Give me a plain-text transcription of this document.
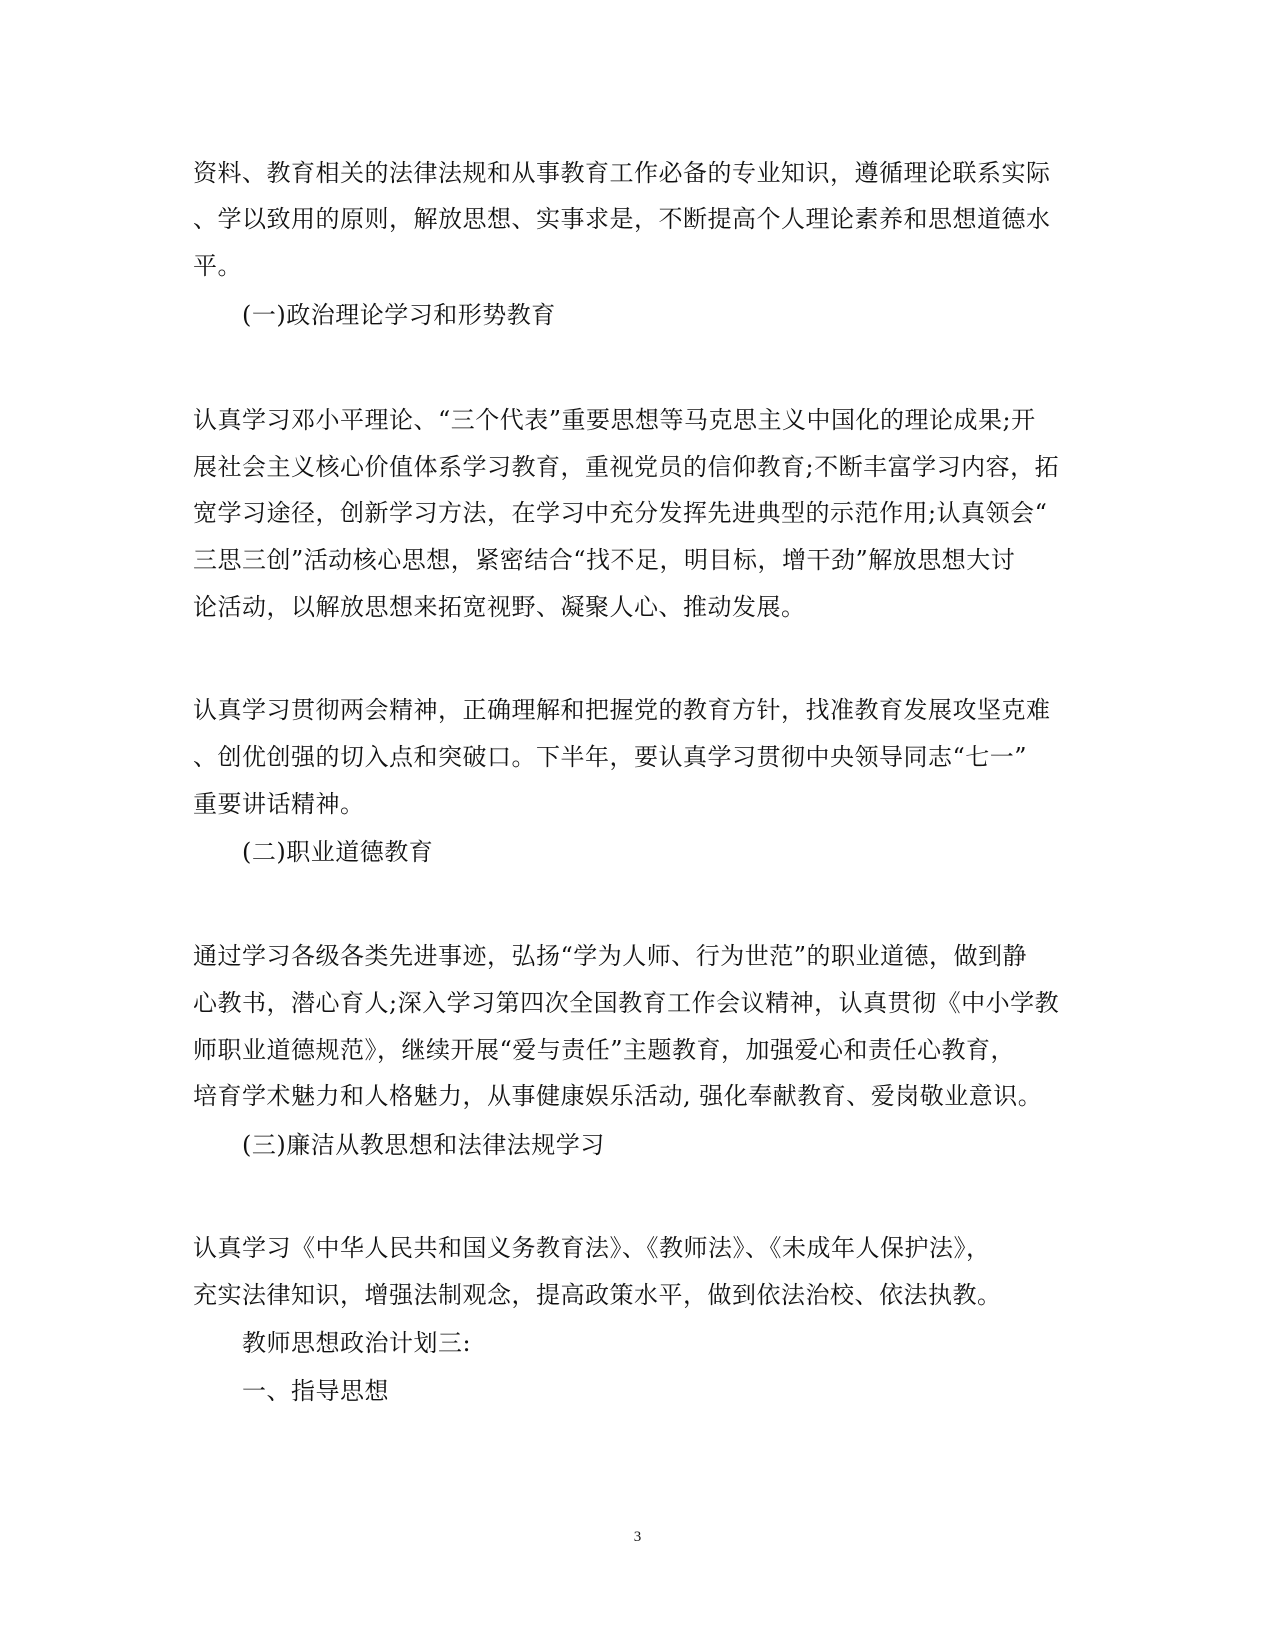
资料、教育相关的法律法规和从事教育工作必备的专业知识，遵循理论联系实际
、学以致用的原则，解放思想、实事求是，不断提高个人理论素养和思想道德水
平。
(一)政治理论学习和形势教育
认真学习邓小平理论、“三个代表”重要思想等马克思主义中国化的理论成果;开
展社会主义核心价值体系学习教育，重视党员的信仰教育;不断丰富学习内容，拓
宽学习途径，创新学习方法，在学习中充分发挥先进典型的示范作用;认真领会“
三思三创”活动核心思想，紧密结合“找不足，明目标，增干劲”解放思想大讨
论活动，以解放思想来拓宽视野、凝聚人心、推动发展。
认真学习贯彻两会精神，正确理解和把握党的教育方针，找准教育发展攻坚克难
、创优创强的切入点和突破口。下半年，要认真学习贯彻中央领导同志“七一”
重要讲话精神。
(二)职业道德教育
通过学习各级各类先进事迹，弘扬“学为人师、行为世范”的职业道德，做到静
心教书，潜心育人;深入学习第四次全国教育工作会议精神，认真贯彻《中小学教
师职业道德规范》，继续开展“爱与责任”主题教育，加强爱心和责任心教育，
培育学术魅力和人格魅力，从事健康娱乐活动, 强化奉献教育、爱岗敬业意识。
(三)廉洁从教思想和法律法规学习
认真学习《中华人民共和国义务教育法》、《教师法》、《未成年人保护法》，
充实法律知识，增强法制观念，提高政策水平，做到依法治校、依法执教。
教师思想政治计划三:
一、指导思想
3
